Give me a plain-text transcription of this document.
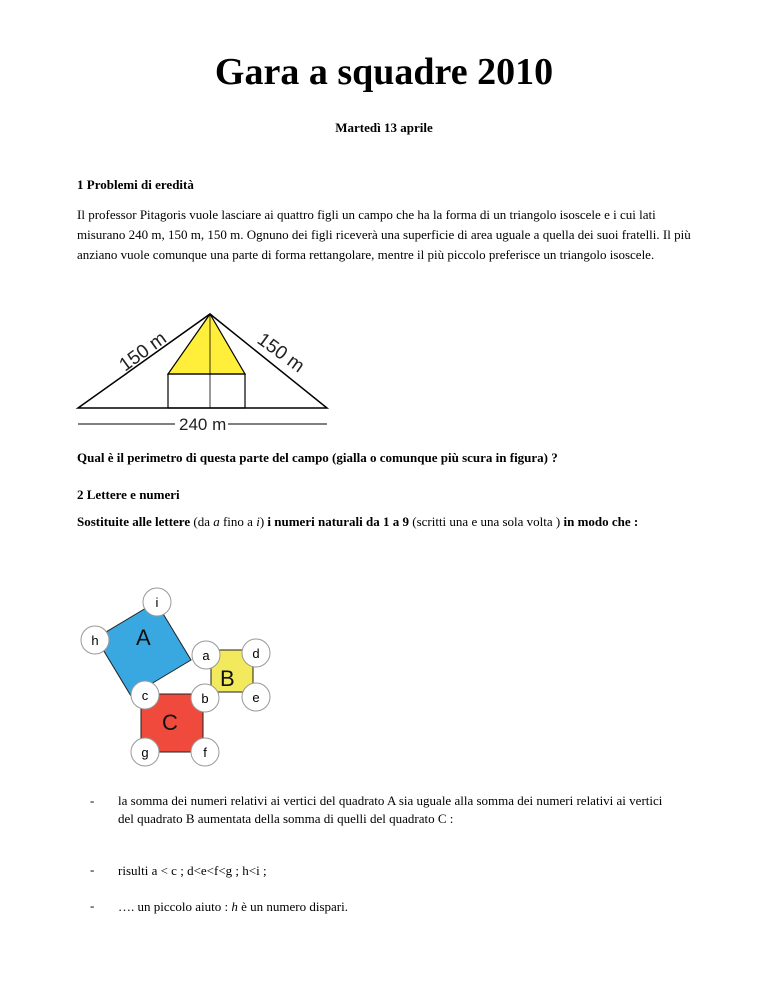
Gara a squadre 2010
Martedì 13 aprile
1 Problemi di eredità
Il professor Pitagoris vuole lasciare ai quattro figli un campo che ha la forma di un triangolo isoscele e i cui lati misurano 240 m, 150 m, 150 m. Ognuno dei figli riceverà una superficie di area uguale a quella dei suoi fratelli. Il più anziano vuole comunque una parte di forma rettangolare, mentre il più piccolo preferisce un triangolo isoscele.
150 m	150 m
240 m
Qual è il perimetro di questa parte del campo (gialla o comunque più scura in figura) ?
2 Lettere e numeri
Sostituite alle lettere (da a fino a i) i numeri naturali da 1 a 9 (scritti una e una sola volta ) in modo che :
A
B
C
i
h
a	d
c	b	e
g	f
- la somma dei numeri relativi ai vertici del quadrato A sia uguale alla somma dei numeri relativi ai vertici del quadrato B aumentata della somma di quelli del quadrato C :
- risulti a < c ; d<e<f<g ; h<i ;
- …. un piccolo aiuto : h è un numero dispari.
